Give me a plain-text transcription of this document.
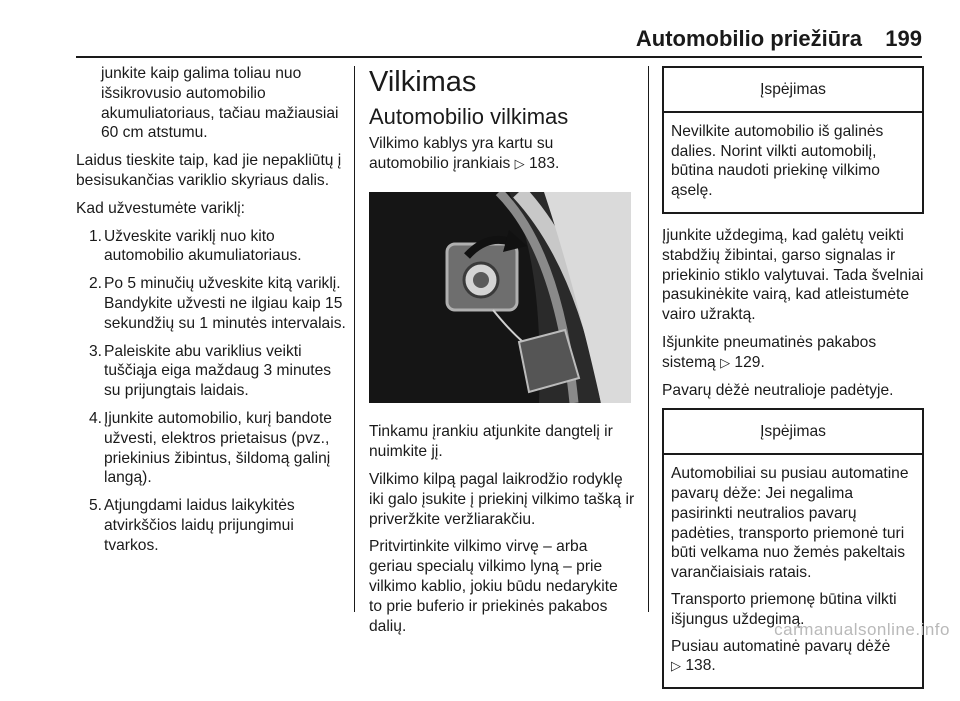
Automobilio priežiūra 199

junkite kaip galima toliau nuo išsikrovusio automobilio akumuliatoriaus, tačiau mažiausiai 60 cm atstumu.

Laidus tieskite taip, kad jie nepakliūtų į besisukančias variklio skyriaus dalis.

Kad užvestumėte variklį:

1. Užveskite variklį nuo kito automobilio akumuliatoriaus.
2. Po 5 minučių užveskite kitą variklį. Bandykite užvesti ne ilgiau kaip 15 sekundžių su 1 minutės intervalais.
3. Paleiskite abu variklius veikti tuščiąja eiga maždaug 3 minutes su prijungtais laidais.
4. Įjunkite automobilio, kurį bandote užvesti, elektros prietaisus (pvz., priekinius žibintus, šildomą galinį langą).
5. Atjungdami laidus laikykitės atvirkščios laidų prijungimui tvarkos.
Vilkimas
Automobilio vilkimas

Vilkimo kablys yra kartu su automobilio įrankiais ▷ 183.

Tinkamu įrankiu atjunkite dangtelį ir nuimkite jį.

Vilkimo kilpą pagal laikrodžio rodyklę iki galo įsukite į priekinį vilkimo tašką ir priveržkite veržliarakčiu.

Pritvirtinkite vilkimo virvę – arba geriau specialų vilkimo lyną – prie vilkimo kablio, jokiu būdu nedarykite to prie buferio ir priekinės pakabos dalių.

Įspėjimas

Nevilkite automobilio iš galinės dalies. Norint vilkti automobilį, būtina naudoti priekinę vilkimo ąselę.

Įjunkite uždegimą, kad galėtų veikti stabdžių žibintai, garso signalas ir priekinio stiklo valytuvai. Tada švelniai pasukinėkite vairą, kad atleistumėte vairo užraktą.

Išjunkite pneumatinės pakabos sistemą ▷ 129.

Pavarų dėžė neutralioje padėtyje.

Įspėjimas

Automobiliai su pusiau automatine pavarų dėže: Jei negalima pasirinkti neutralios pavarų padėties, transporto priemonė turi būti velkama nuo žemės pakeltais varančiaisiais ratais.

Transporto priemonę būtina vilkti išjungus uždegimą.

Pusiau automatinė pavarų dėžė
▷ 138.

carmanualsonline.info
